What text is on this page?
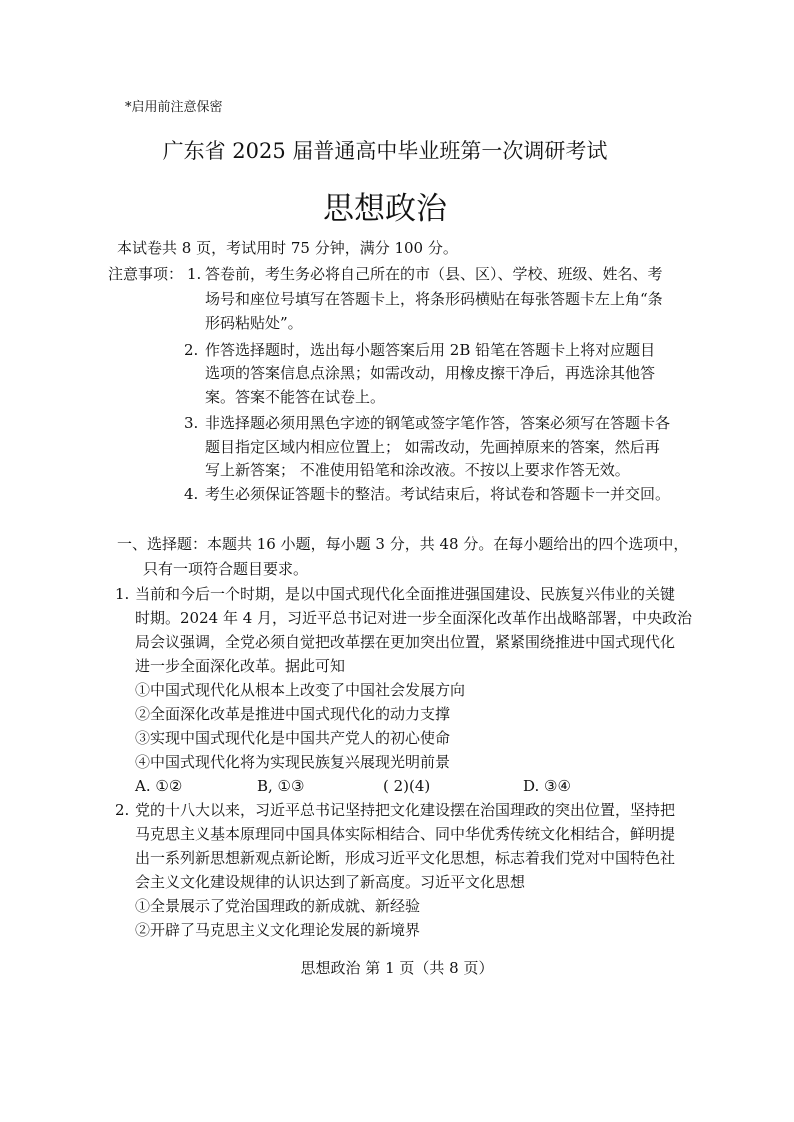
*启用前注意保密
广东省 2025 届普通高中毕业班第一次调研考试
思想政治
本试卷共 8 页，考试用时 75 分钟，满分 100 分。
注意事项： 1. 答卷前，考生务必将自己所在的市（县、区）、学校、班级、姓名、考
场号和座位号填写在答题卡上，将条形码横贴在每张答题卡左上角“条
形码粘贴处”。
2. 作答选择题时，选出每小题答案后用 2B 铅笔在答题卡上将对应题目
选项的答案信息点涂黑；如需改动，用橡皮擦干净后，再选涂其他答
案。答案不能答在试卷上。
3. 非选择题必须用黑色字迹的钢笔或签字笔作答，答案必须写在答题卡各
题目指定区域内相应位置上； 如需改动，先画掉原来的答案，然后再
写上新答案； 不准使用铅笔和涂改液。不按以上要求作答无效。
4. 考生必须保证答题卡的整洁。考试结束后，将试卷和答题卡一并交回。
一、选择题：本题共 16 小题，每小题 3 分，共 48 分。在每小题给出的四个选项中，
只有一项符合题目要求。
1. 当前和今后一个时期，是以中国式现代化全面推进强国建设、民族复兴伟业的关键
时期。2024 年 4 月，习近平总书记对进一步全面深化改革作出战略部署，中央政治
局会议强调，全党必须自觉把改革摆在更加突出位置，紧紧围绕推进中国式现代化
进一步全面深化改革。据此可知
①中国式现代化从根本上改变了中国社会发展方向
②全面深化改革是推进中国式现代化的动力支撑
③实现中国式现代化是中国共产党人的初心使命
④中国式现代化将为实现民族复兴展现光明前景
A. ①②	B, ①③	( 2)(4)	D. ③④
2. 党的十八大以来，习近平总书记坚持把文化建设摆在治国理政的突出位置，坚持把
马克思主义基本原理同中国具体实际相结合、同中华优秀传统文化相结合，鲜明提
出一系列新思想新观点新论断，形成习近平文化思想，标志着我们党对中国特色社
会主义文化建设规律的认识达到了新高度。习近平文化思想
①全景展示了党治国理政的新成就、新经验
②开辟了马克思主义文化理论发展的新境界
思想政治 第 1 页（共 8 页）
